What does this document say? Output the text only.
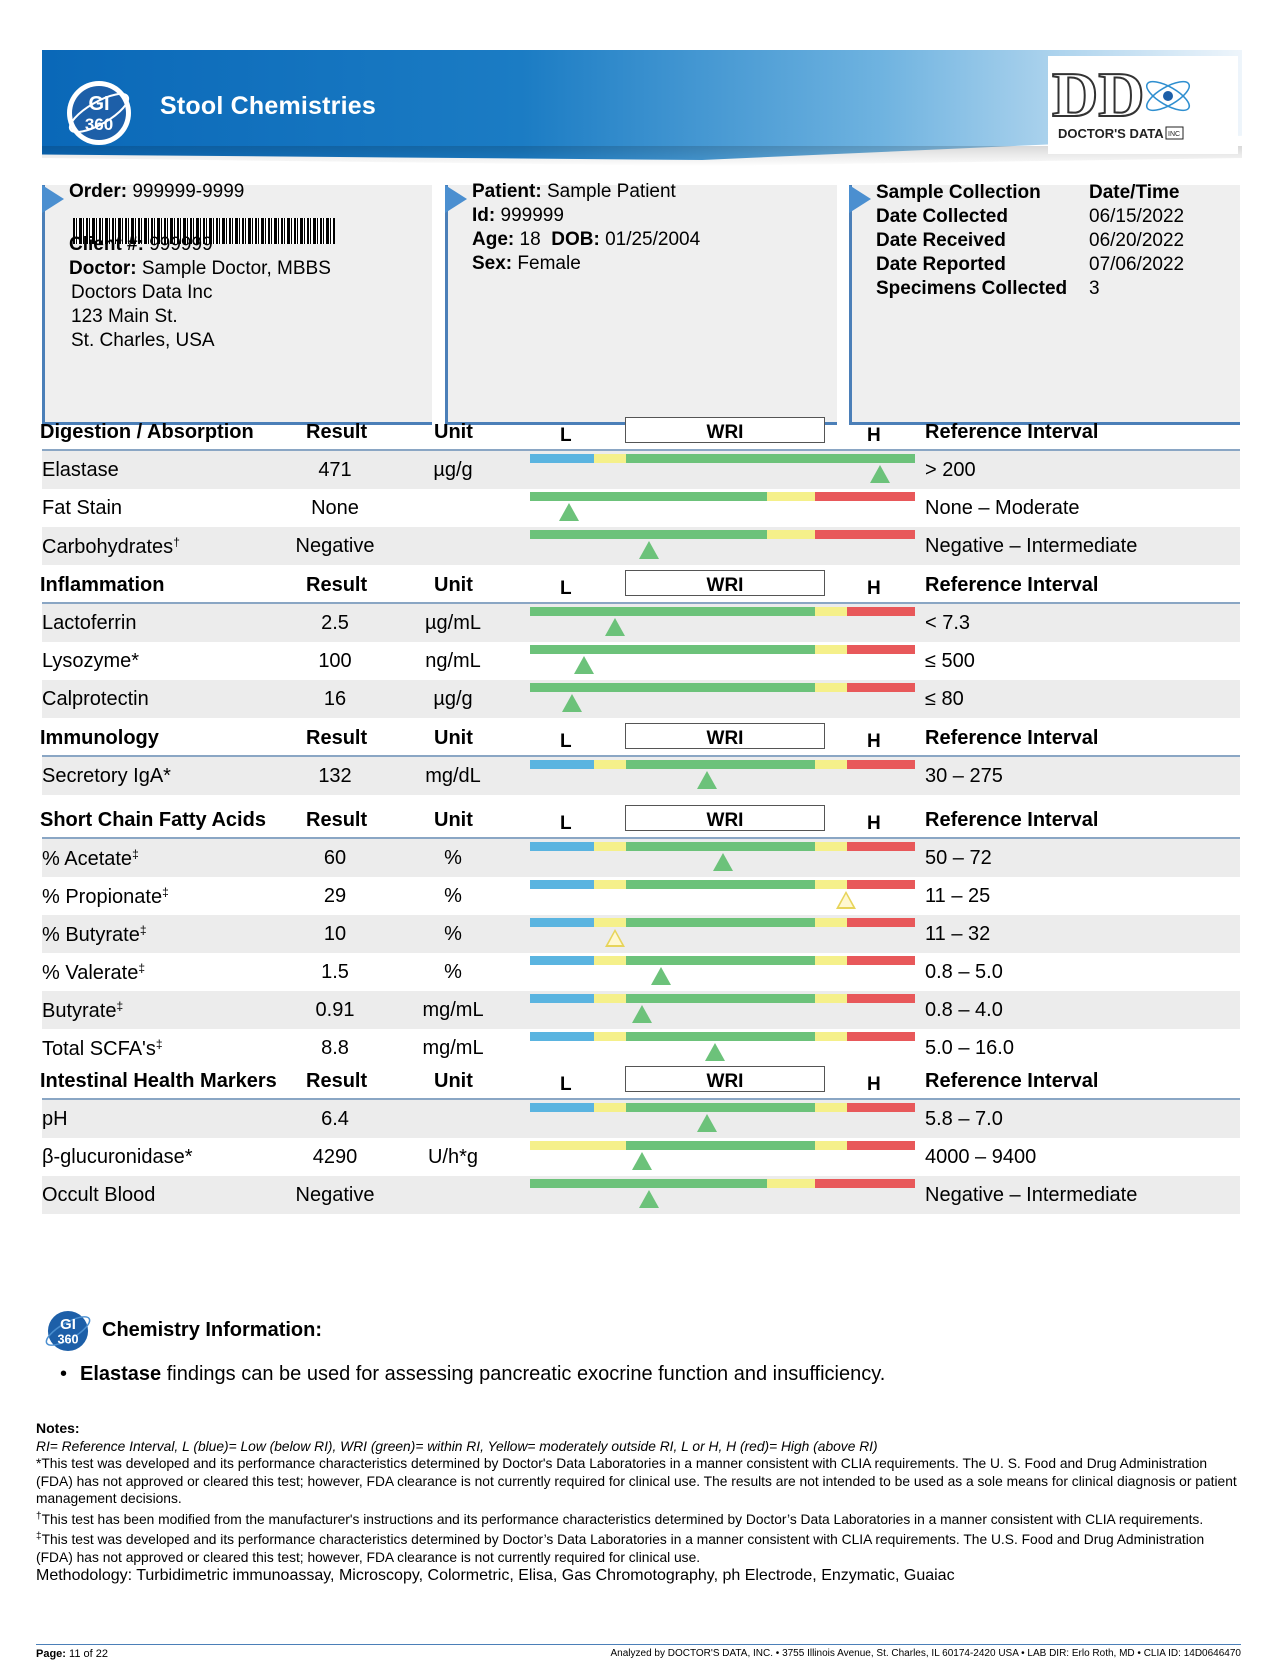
GI
360
Stool Chemistries	DD
DOCTOR'S DATA INC
Order: 999999-9999
Client #: 999999
Doctor: Sample Doctor, MBBS
Doctors Data Inc
123 Main St.
St. Charles, USA
Patient: Sample Patient
Id: 999999
Age: 18 DOB: 01/25/2004
Sex: Female
Sample Collection	Date/Time
Date Collected	06/15/2022
Date Received	06/20/2022
Date Reported	07/06/2022
Specimens Collected 3
Digestion / Absorption	Result	Unit	L	WRI	H Reference Interval
Elastase	471	µg/g	> 200
Fat Stain	None	None – Moderate
Carbohydrates†	Negative	Negative – Intermediate
Inflammation	Result	Unit	L	WRI	H Reference Interval
Lactoferrin	2.5	µg/mL	< 7.3
Lysozyme*	100	ng/mL	≤ 500
Calprotectin	16	µg/g	≤ 80
Immunology	Result	Unit	L	WRI	H Reference Interval
Secretory IgA*	132	mg/dL	30 – 275
Short Chain Fatty Acids Result	Unit	L	WRI	H Reference Interval
% Acetate‡	60	%	50 – 72
% Propionate‡	29	%	11 – 25
% Butyrate‡	10	%	11 – 32
% Valerate‡	1.5	%	0.8 – 5.0
Butyrate‡	0.91	mg/mL	0.8 – 4.0
Total SCFA's‡	8.8	mg/mL	5.0 – 16.0
Intestinal Health Markers Result	Unit	L	WRI	H Reference Interval
pH	6.4	5.8 – 7.0
β-glucuronidase*	4290	U/h*g	4000 – 9400
Occult Blood	Negative	Negative – Intermediate
GI
360 Chemistry Information:
• Elastase findings can be used for assessing pancreatic exocrine function and insufficiency.
Notes:
RI= Reference Interval, L (blue)= Low (below RI), WRI (green)= within RI, Yellow= moderately outside RI, L or H, H (red)= High (above RI)
*This test was developed and its performance characteristics determined by Doctor's Data Laboratories in a manner consistent with CLIA requirements. The U. S. Food and Drug Administration (FDA) has not approved or cleared this test; however, FDA clearance is not currently required for clinical use. The results are not intended to be used as a sole means for clinical diagnosis or patient management decisions.
†This test has been modified from the manufacturer's instructions and its performance characteristics determined by Doctor’s Data Laboratories in a manner consistent with CLIA requirements.
‡This test was developed and its performance characteristics determined by Doctor’s Data Laboratories in a manner consistent with CLIA requirements. The U.S. Food and Drug Administration (FDA) has not approved or cleared this test; however, FDA clearance is not currently required for clinical use.
Methodology: Turbidimetric immunoassay, Microscopy, Colormetric, Elisa, Gas Chromotography, ph Electrode, Enzymatic, Guaiac
Page: 11 of 22	Analyzed by DOCTOR'S DATA, INC. • 3755 Illinois Avenue, St. Charles, IL 60174-2420 USA • LAB DIR: Erlo Roth, MD • CLIA ID: 14D0646470
